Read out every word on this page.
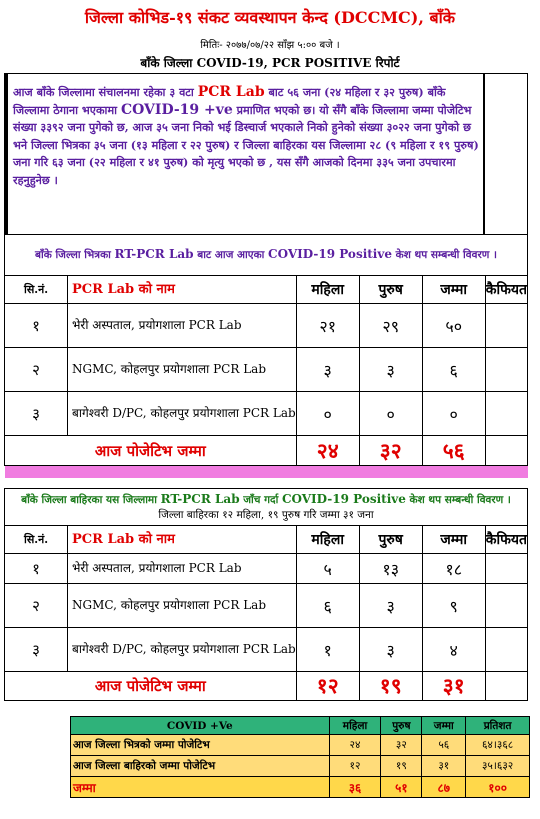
जिल्ला कोभिड-१९ संकट व्यवस्थापन केन्द (DCCMC), बाँके
मितिः- २०७७/०७/२२ साँझ ५:०० बजे ।
बाँके जिल्ला COVID-19, PCR POSITIVE रिपोर्ट
आज बाँके जिल्लामा संचालनमा रहेका ३ वटा PCR Lab बाट ५६ जना (२४ महिला र ३२ पुरुष) बाँके जिल्लामा ठेगाना भएकामा COVID-19 +ve प्रमाणित भएको छ। यो सँगै बाँके जिल्लामा जम्मा पोजेटिभ संख्या ३३९२ जना पुगेको छ, आज ३५ जना निको भई डिस्चार्ज भएकाले निको हुनेको संख्या ३०२२ जना पुगेको छ भने जिल्ला भित्रका ३५ जना (१३ महिला र २२ पुरुष) र जिल्ला बाहिरका यस जिल्लामा २८ (९ महिला र १९ पुरुष) जना गरि ६३ जना (२२ महिला र ४१ पुरुष) को मृत्यु भएको छ , यस सँगै आजको दिनमा ३३५ जना उपचारमा रहनुहुनेछ ।
बाँके जिल्ला भित्रका RT-PCR Lab बाट आज आएका COVID-19 Positive केश थप सम्बन्धी विवरण ।					
सि.नं.	PCR Lab को नाम	महिला	पुरुष	जम्मा	कैफियत
१	भेरी अस्पताल, प्रयोगशाला PCR Lab	२१	२९	५०	
२	NGMC, कोहलपुर प्रयोगशाला PCR Lab	३	३	६	
३	बागेश्वरी D/PC, कोहलपुर प्रयोगशाला PCR Lab	०	०	०	
आज पोजेटिभ जम्मा		२४	३२	५६	

बाँके जिल्ला बाहिरका यस जिल्लामा RT-PCR Lab जाँच गर्दा COVID-19 Positive केश थप सम्बन्धी विवरण ।
जिल्ला बाहिरका १२ महिला, १९ पुरुष गरि जम्मा ३१ जना					
सि.नं.	PCR Lab को नाम	महिला	पुरुष	जम्मा	कैफियत
१	भेरी अस्पताल, प्रयोगशाला PCR Lab	५	१३	१८	
२	NGMC, कोहलपुर प्रयोगशाला PCR Lab	६	३	९	
३	बागेश्वरी D/PC, कोहलपुर प्रयोगशाला PCR Lab	१	३	४	
आज पोजेटिभ जम्मा		१२	१९	३१	
COVID +Ve	महिला	पुरुष	जम्मा	प्रतिशत
आज जिल्ला भित्रको जम्मा पोजेटिभ	२४	३२	५६	६४।३६८
आज जिल्ला बाहिरको जम्मा पोजेटिभ	१२	१९	३१	३५।६३२
जम्मा	३६	५१	८७	१००
